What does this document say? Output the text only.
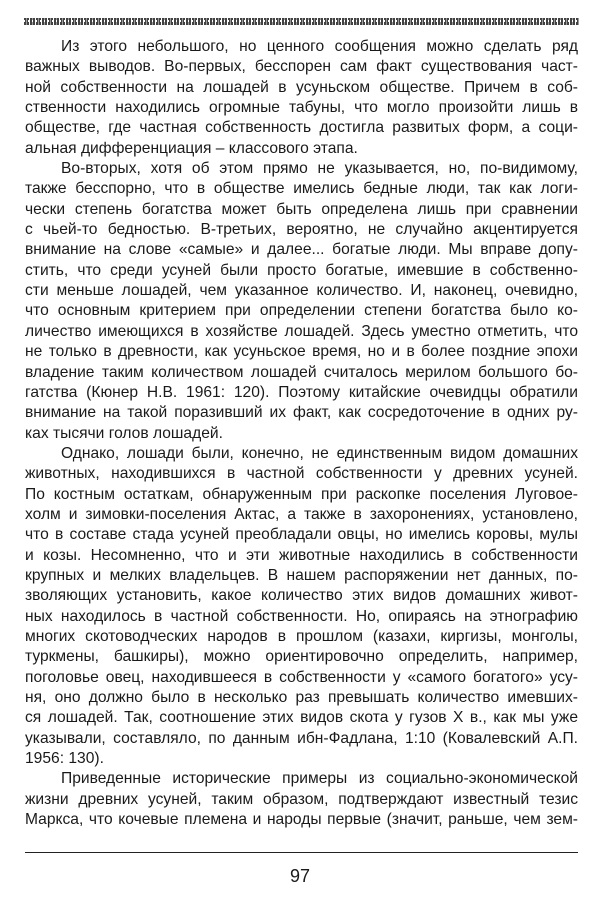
Из этого небольшого, но ценного сообщения можно сделать ряд
важных выводов. Во-первых, бесспорен сам факт существования част-
ной собственности на лошадей в усуньском обществе. Причем в соб-
ственности находились огромные табуны, что могло произойти лишь в
обществе, где частная собственность достигла развитых форм, а соци-
альная дифференциация – классового этапа.
Во-вторых, хотя об этом прямо не указывается, но, по-видимому,
также бесспорно, что в обществе имелись бедные люди, так как логи-
чески степень богатства может быть определена лишь при сравнении
с чьей-то бедностью. В-третьих, вероятно, не случайно акцентируется
внимание на слове «самые» и далее... богатые люди. Мы вправе допу-
стить, что среди усуней были просто богатые, имевшие в собственно-
сти меньше лошадей, чем указанное количество. И, наконец, очевидно,
что основным критерием при определении степени богатства было ко-
личество имеющихся в хозяйстве лошадей. Здесь уместно отметить, что
не только в древности, как усуньское время, но и в более поздние эпохи
владение таким количеством лошадей считалось мерилом большого бо-
гатства (Кюнер Н.В. 1961: 120). Поэтому китайские очевидцы обратили
внимание на такой поразивший их факт, как сосредоточение в одних ру-
ках тысячи голов лошадей.
Однако, лошади были, конечно, не единственным видом домашних
животных, находившихся в частной собственности у древних усуней.
По костным остаткам, обнаруженным при раскопке поселения Луговое-
холм и зимовки-поселения Актас, а также в захоронениях, установлено,
что в составе стада усуней преобладали овцы, но имелись коровы, мулы
и козы. Несомненно, что и эти животные находились в собственности
крупных и мелких владельцев. В нашем распоряжении нет данных, по-
зволяющих установить, какое количество этих видов домашних живот-
ных находилось в частной собственности. Но, опираясь на этнографию
многих скотоводческих народов в прошлом (казахи, киргизы, монголы,
туркмены, башкиры), можно ориентировочно определить, например,
поголовье овец, находившееся в собственности у «самого богатого» усу-
ня, оно должно было в несколько раз превышать количество имевших-
ся лошадей. Так, соотношение этих видов скота у гузов X в., как мы уже
указывали, составляло, по данным ибн-Фадлана, 1:10 (Ковалевский А.П.
1956: 130).
Приведенные исторические примеры из социально-экономической
жизни древних усуней, таким образом, подтверждают известный тезис
Маркса, что кочевые племена и народы первые (значит, раньше, чем зем-
97
